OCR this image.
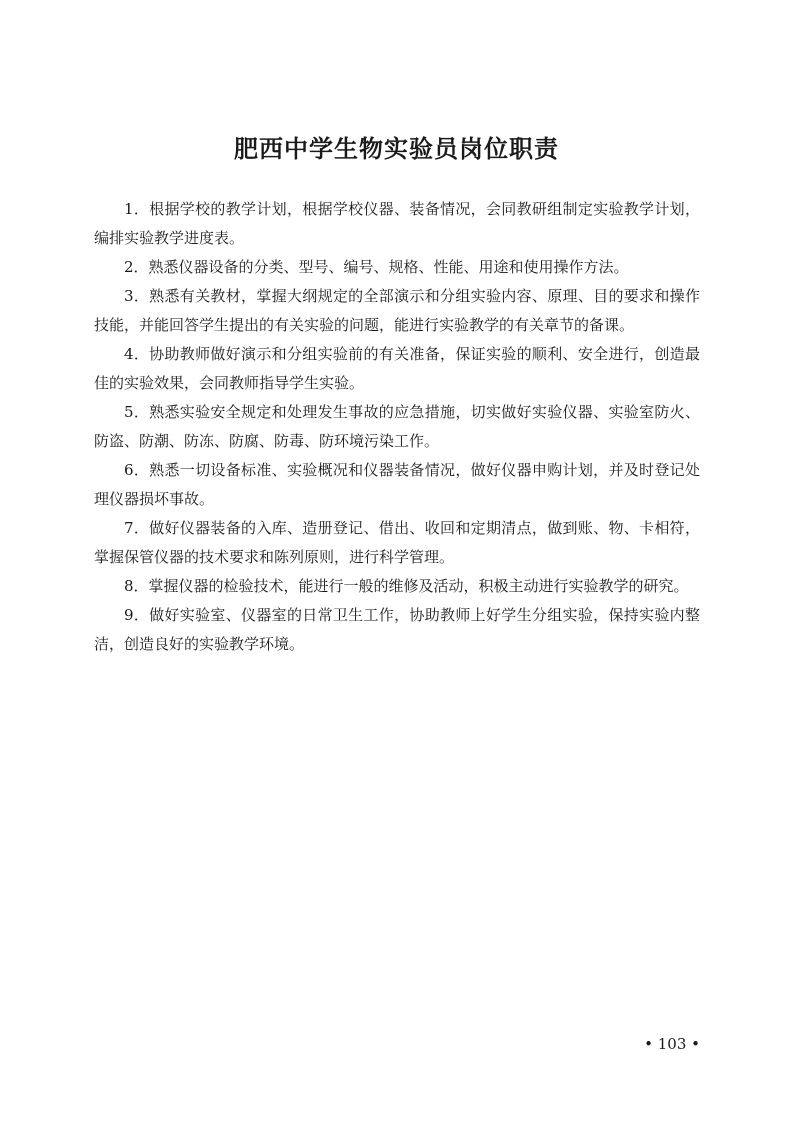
肥西中学生物实验员岗位职责
1．根据学校的教学计划，根据学校仪器、装备情况，会同教研组制定实验教学计划，编排实验教学进度表。
2．熟悉仪器设备的分类、型号、编号、规格、性能、用途和使用操作方法。
3．熟悉有关教材，掌握大纲规定的全部演示和分组实验内容、原理、目的要求和操作技能，并能回答学生提出的有关实验的问题，能进行实验教学的有关章节的备课。
4．协助教师做好演示和分组实验前的有关准备，保证实验的顺利、安全进行，创造最佳的实验效果，会同教师指导学生实验。
5．熟悉实验安全规定和处理发生事故的应急措施，切实做好实验仪器、实验室防火、防盗、防潮、防冻、防腐、防毒、防环境污染工作。
6．熟悉一切设备标准、实验概况和仪器装备情况，做好仪器申购计划，并及时登记处理仪器损坏事故。
7．做好仪器装备的入库、造册登记、借出、收回和定期清点，做到账、物、卡相符，掌握保管仪器的技术要求和陈列原则，进行科学管理。
8．掌握仪器的检验技术，能进行一般的维修及活动，积极主动进行实验教学的研究。
9．做好实验室、仪器室的日常卫生工作，协助教师上好学生分组实验，保持实验内整洁，创造良好的实验教学环境。
• 103 •
